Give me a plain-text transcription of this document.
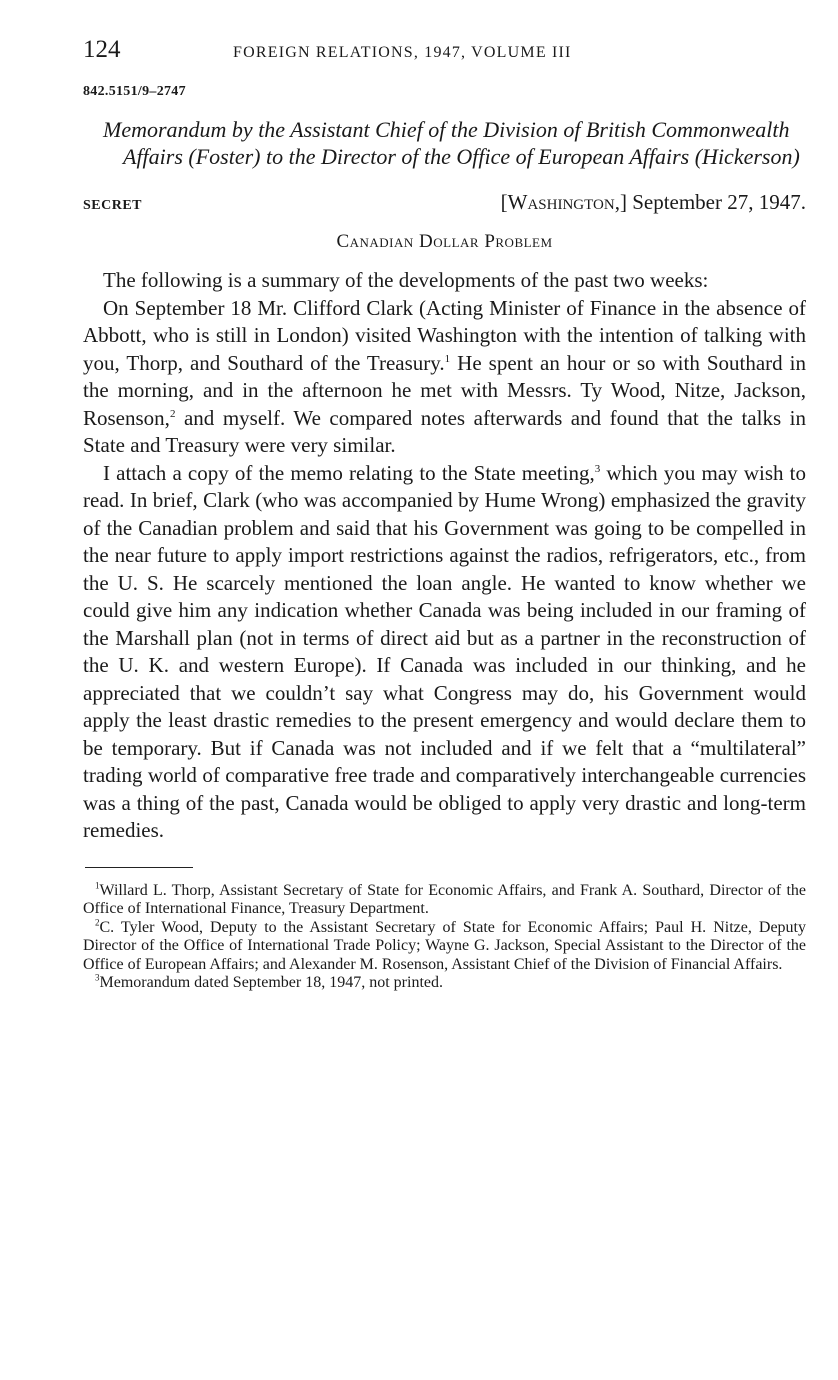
124	FOREIGN RELATIONS, 1947, VOLUME III
842.5151/9–2747
Memorandum by the Assistant Chief of the Division of British Commonwealth Affairs (Foster) to the Director of the Office of European Affairs (Hickerson)
SECRET	[Washington,] September 27, 1947.
Canadian Dollar Problem

The following is a summary of the developments of the past two weeks:

On September 18 Mr. Clifford Clark (Acting Minister of Finance in the absence of Abbott, who is still in London) visited Washington with the intention of talking with you, Thorp, and Southard of the Treasury.$^1$ He spent an hour or so with Southard in the morning, and in the afternoon he met with Messrs. Ty Wood, Nitze, Jackson, Rosenson,$^2$ and myself. We compared notes afterwards and found that the talks in State and Treasury were very similar.

I attach a copy of the memo relating to the State meeting,$^3$ which you may wish to read. In brief, Clark (who was accompanied by Hume Wrong) emphasized the gravity of the Canadian problem and said that his Government was going to be compelled in the near future to apply import restrictions against the radios, refrigerators, etc., from the U. S. He scarcely mentioned the loan angle. He wanted to know whether we could give him any indication whether Canada was being included in our framing of the Marshall plan (not in terms of direct aid but as a partner in the reconstruction of the U. K. and western Europe). If Canada was included in our thinking, and he appreciated that we couldn’t say what Congress may do, his Government would apply the least drastic remedies to the present emergency and would declare them to be temporary. But if Canada was not included and if we felt that a “multilateral” trading world of comparative free trade and comparatively interchangeable currencies was a thing of the past, Canada would be obliged to apply very drastic and long-term remedies.

$^1$Willard L. Thorp, Assistant Secretary of State for Economic Affairs, and Frank A. Southard, Director of the Office of International Finance, Treasury Department.

$^2$C. Tyler Wood, Deputy to the Assistant Secretary of State for Economic Affairs; Paul H. Nitze, Deputy Director of the Office of International Trade Policy; Wayne G. Jackson, Special Assistant to the Director of the Office of European Affairs; and Alexander M. Rosenson, Assistant Chief of the Division of Financial Affairs.

$^3$Memorandum dated September 18, 1947, not printed.
